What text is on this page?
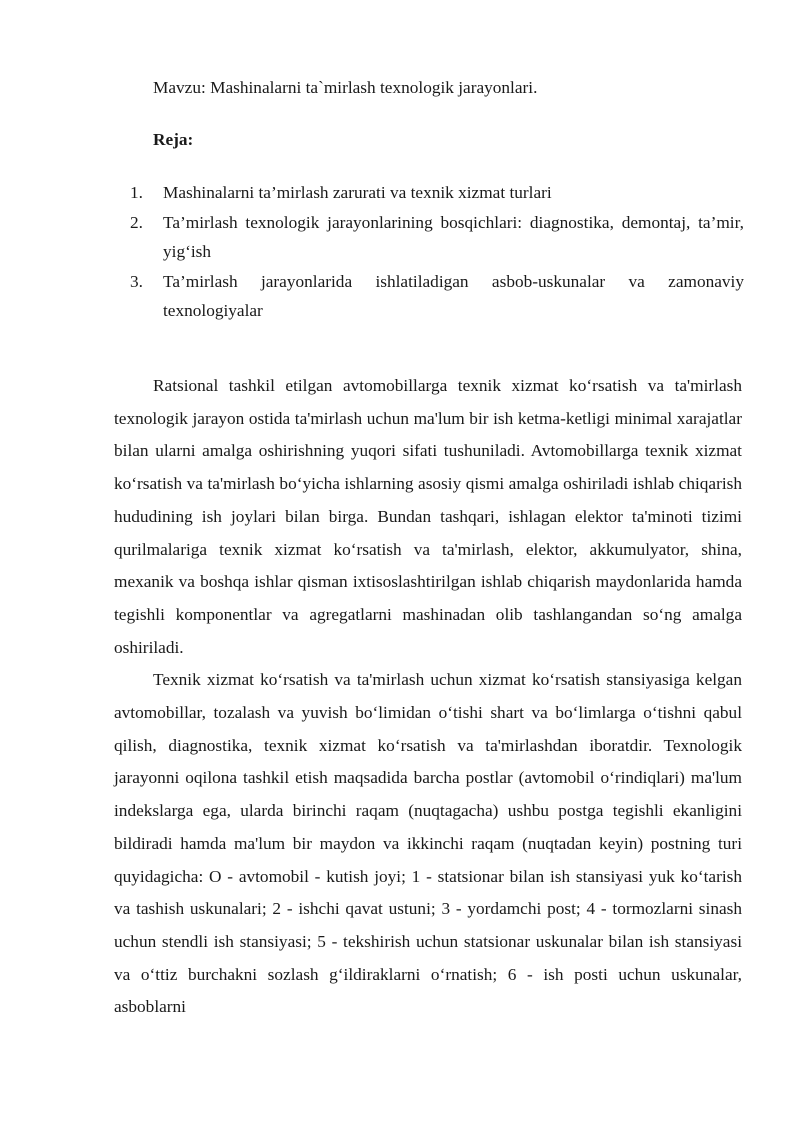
Mavzu: Mashinalarni ta`mirlash texnologik jarayonlari.
Reja:
1. Mashinalarni ta’mirlash zarurati va texnik xizmat turlari
2. Ta’mirlash texnologik jarayonlarining bosqichlari: diagnostika, demontaj, ta’mir, yig‘ish
3. Ta’mirlash jarayonlarida ishlatiladigan asbob-uskunalar va zamonaviy texnologiyalar

Ratsional tashkil etilgan avtomobillarga texnik xizmat ko‘rsatish va ta'mirlash texnologik jarayon ostida ta'mirlash uchun ma'lum bir ish ketma-ketligi minimal xarajatlar bilan ularni amalga oshirishning yuqori sifati tushuniladi. Avtomobillarga texnik xizmat ko‘rsatish va ta'mirlash bo‘yicha ishlarning asosiy qismi amalga oshiriladi ishlab chiqarish hududining ish joylari bilan birga. Bundan tashqari, ishlagan elektor ta'minoti tizimi qurilmalariga texnik xizmat ko‘rsatish va ta'mirlash, elektor, akkumulyator, shina, mexanik va boshqa ishlar qisman ixtisoslashtirilgan ishlab chiqarish maydonlarida hamda tegishli komponentlar va agregatlarni mashinadan olib tashlangandan so‘ng amalga oshiriladi.

Texnik xizmat ko‘rsatish va ta'mirlash uchun xizmat ko‘rsatish stansiyasiga kelgan avtomobillar, tozalash va yuvish bo‘limidan o‘tishi shart va bo‘limlarga o‘tishni qabul qilish, diagnostika, texnik xizmat ko‘rsatish va ta'mirlashdan iboratdir. Texnologik jarayonni oqilona tashkil etish maqsadida barcha postlar (avtomobil o‘rindiqlari) ma'lum indekslarga ega, ularda birinchi raqam (nuqtagacha) ushbu postga tegishli ekanligini bildiradi hamda ma'lum bir maydon va ikkinchi raqam (nuqtadan keyin) postning turi quyidagicha: O - avtomobil - kutish joyi; 1 - statsionar bilan ish stansiyasi yuk ko‘tarish va tashish uskunalari; 2 - ishchi qavat ustuni; 3 - yordamchi post; 4 - tormozlarni sinash uchun stendli ish stansiyasi; 5 - tekshirish uchun statsionar uskunalar bilan ish stansiyasi va o‘ttiz burchakni sozlash g‘ildiraklarni o‘rnatish; 6 - ish posti uchun uskunalar, asboblarni
